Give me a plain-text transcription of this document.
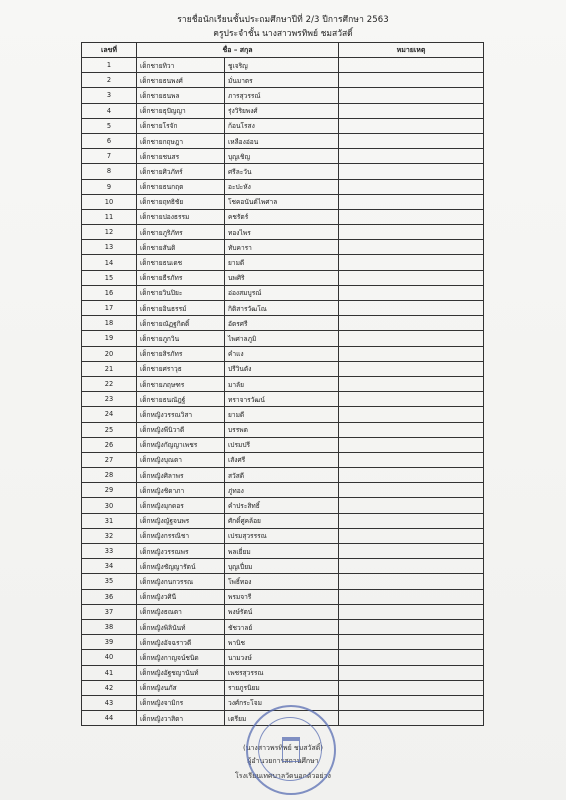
รายชื่อนักเรียนชั้นประถมศึกษาปีที่ 2/3 ปีการศึกษา 2563
ครูประจำชั้น นางสาวพรทิพย์ ชมสวัสดิ์
เลขที่	ชื่อ – สกุล		หมายเหตุ
1	เด็กชายทิวา	ชูเจริญ	
2	เด็กชายธนพงศ์	มั่นมาตร	
3	เด็กชายธนพล	ภารสุวรรณ์	
4	เด็กชายธุปัญญา	รุ่งวิริยพงศ์	
5	เด็กชายโรจัก	ก้อนโรสง	
6	เด็กชายกฤษฎา	เหลืองอ่อน	
7	เด็กชายชนสร	บุญเชิญ	
8	เด็กชายศิวภัทร์	ศรีละวัน	
9	เด็กชายธนกฤต	อะปะหัง	
10	เด็กชายฤทธิชัย	โชคอนันต์ไพศาล	
11	เด็กชายปองธรรม	คชรัตร์	
12	เด็กชายภูริภัทร	ทองไพร	
13	เด็กชายสันติ	ทับคารา	
14	เด็กชายธนเดช	ยามดี	
15	เด็กชายธีรภัทร	นพศิริ	
16	เด็กชายวินปิยะ	อ่องสมบูรณ์	
17	เด็กชายอินธรรม์	กิติสารวัฒโณ	
18	เด็กชายณัฏฐกิตติ์	อัตรศรี	
19	เด็กชายภูกวิน	ไพศาลภูมิ	
20	เด็กชายสิรภัทร	คำแง	
21	เด็กชายศราวุธ	ปรีวินตัง	
22	เด็กชายภฤษฑร	มาลัย	
23	เด็กชายธนณัฎฐ์	ทราจารวัฒน์	
24	เด็กหญิงวรรณวิสา	ยามดี	
25	เด็กหญิงพีนิวาดี	บรรพต	
26	เด็กหญิงกัญญาเพชร	เปรมปรี	
27	เด็กหญิงบุณตา	เสังศรี	
28	เด็กหญิงศิลาพร	สวัสดี	
29	เด็กหญิงชิดาภา	ภู่ทอง	
30	เด็กหญิงมุกดอร	คำประสิทธิ์	
31	เด็กหญิงญัฐจนพร	ศักดิ์ศูคล้อย	
32	เด็กหญิงกรรณิชา	เปรมสุวรรรณ	
33	เด็กหญิงวรรณพร	พลเยี่ยม	
34	เด็กหญิงชัญญารัตน์	บุญเปี่ยม	
35	เด็กหญิงกนกวรรณ	โพธิ์ทอง	
36	เด็กหญิงวศินี	พรมจารี	
37	เด็กหญิงธณตา	พงษ์รัตน์	
38	เด็กหญิงพิลินันท์	ชัชวาลย์	
39	เด็กหญิงอัจฉราวดี	พานิช	
40	เด็กหญิงกาญจน์ชนิด	นามวงษ์	
41	เด็กหญิงอัฐชญานันท์	เพชรสุวรรณ	
42	เด็กหญิงนภัส	รายภูรนิยม	
43	เด็กหญิงจามิกร	วงศ์กระโจม	
44	เด็กหญิงวาสิตา	เตรียม	
(นางสาวพรทิพย์ ชมสวัสดิ์)
ผู้อำนวยการสถานศึกษา
โรงเรียนเทศบาลวัดนอกตัวอย่าง
